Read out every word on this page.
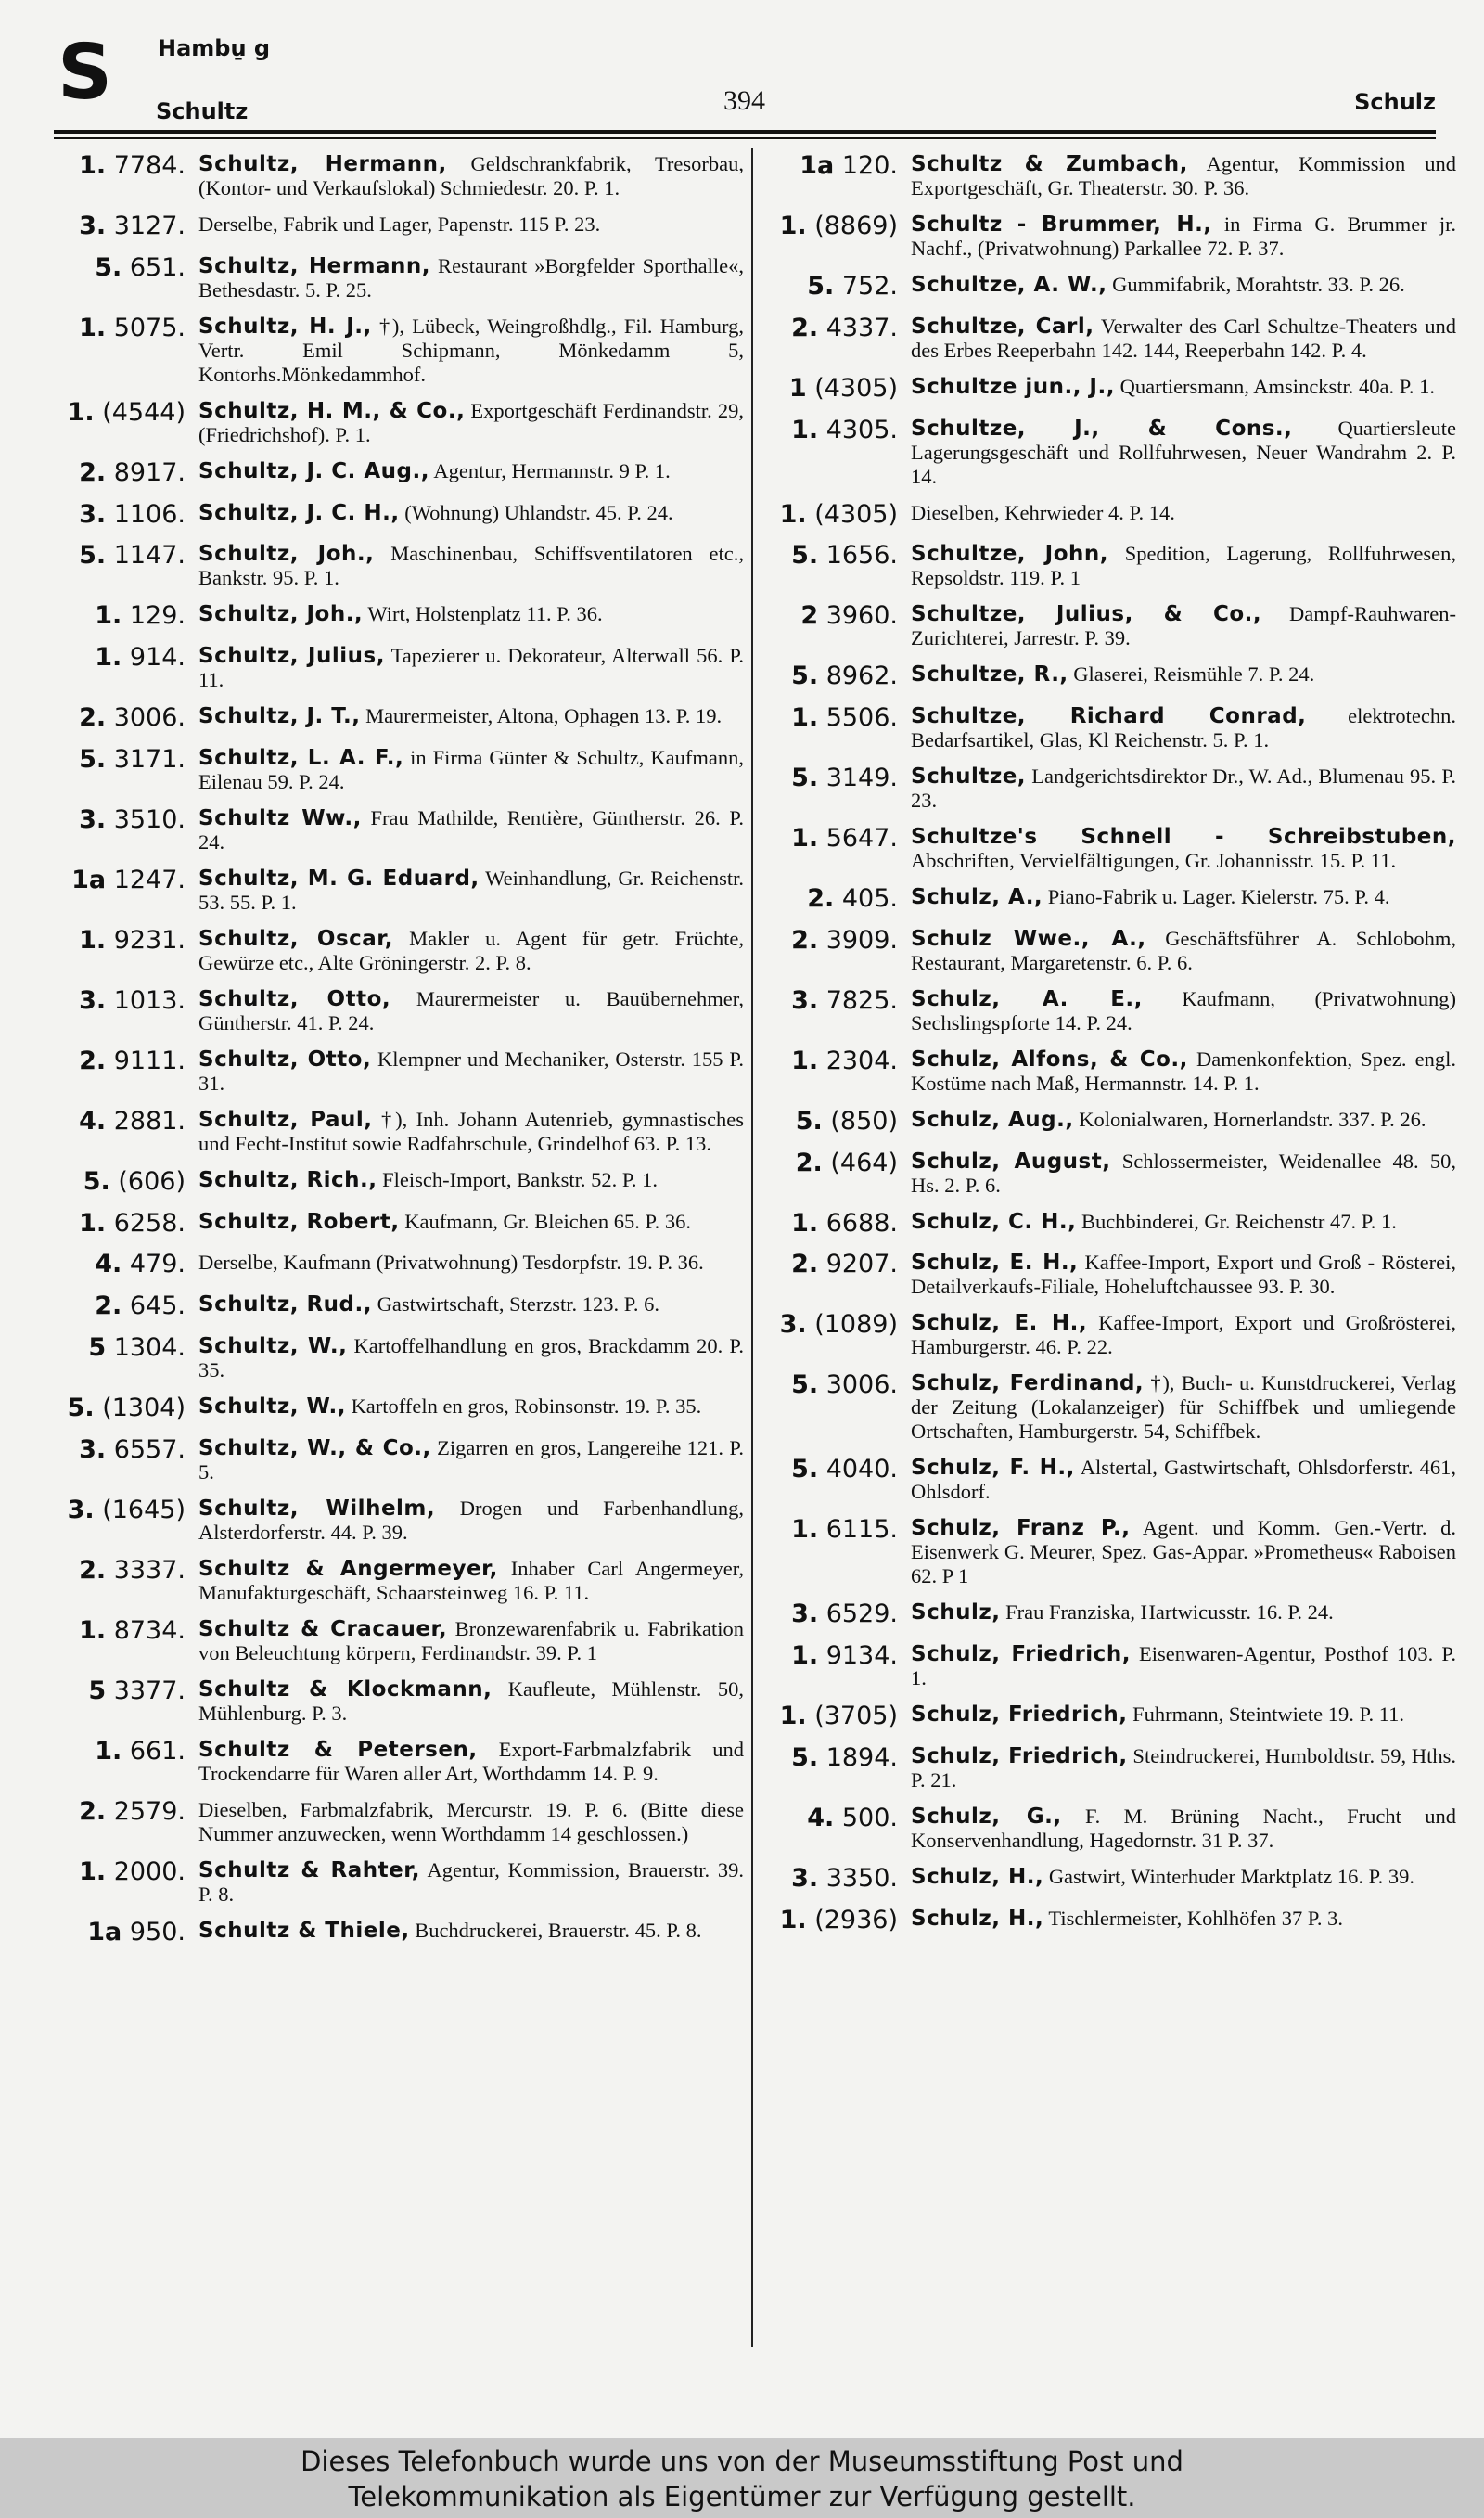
S Hambu̱ g
Schultz	394	Schulz
1. 7784. Schultz, Hermann, Geldschrankfabrik, Tresorbau, (Kontor- und Verkaufslokal) Schmiedestr. 20. P. 1.
3. 3127. Derselbe, Fabrik und Lager, Papenstr. 115 P. 23.
5. 651. Schultz, Hermann, Restaurant »Borgfelder Sporthalle«, Bethesdastr. 5. P. 25.
1. 5075. Schultz, H. J., †), Lübeck, Weingroßhdlg., Fil. Hamburg, Vertr. Emil Schipmann, Mönkedamm 5, Kontorhs.Mönkedammhof.
1. (4544) Schultz, H. M., & Co., Exportgeschäft Ferdinandstr. 29, (Friedrichshof). P. 1.
2. 8917. Schultz, J. C. Aug., Agentur, Hermannstr. 9 P. 1.
3. 1106. Schultz, J. C. H., (Wohnung) Uhlandstr. 45. P. 24.
5. 1147. Schultz, Joh., Maschinenbau, Schiffsventilatoren etc., Bankstr. 95. P. 1.
1. 129. Schultz, Joh., Wirt, Holstenplatz 11. P. 36.
1. 914. Schultz, Julius, Tapezierer u. Dekorateur, Alterwall 56. P. 11.
2. 3006. Schultz, J. T., Maurermeister, Altona, Ophagen 13. P. 19.
5. 3171. Schultz, L. A. F., in Firma Günter & Schultz, Kaufmann, Eilenau 59. P. 24.
3. 3510. Schultz Ww., Frau Mathilde, Rentière, Güntherstr. 26. P. 24.
1a 1247. Schultz, M. G. Eduard, Weinhandlung, Gr. Reichenstr. 53. 55. P. 1.
1. 9231. Schultz, Oscar, Makler u. Agent für getr. Früchte, Gewürze etc., Alte Gröningerstr. 2. P. 8.
3. 1013. Schultz, Otto, Maurermeister u. Bauübernehmer, Güntherstr. 41. P. 24.
2. 9111. Schultz, Otto, Klempner und Mechaniker, Osterstr. 155 P. 31.
4. 2881. Schultz, Paul, †), Inh. Johann Autenrieb, gymnastisches und Fecht-Institut sowie Radfahrschule, Grindelhof 63. P. 13.
5. (606) Schultz, Rich., Fleisch-Import, Bankstr. 52. P. 1.
1. 6258. Schultz, Robert, Kaufmann, Gr. Bleichen 65. P. 36.
4. 479. Derselbe, Kaufmann (Privatwohnung) Tesdorpfstr. 19. P. 36.
2. 645. Schultz, Rud., Gastwirtschaft, Sterzstr. 123. P. 6.
5 1304. Schultz, W., Kartoffelhandlung en gros, Brackdamm 20. P. 35.
5. (1304) Schultz, W., Kartoffeln en gros, Robinsonstr. 19. P. 35.
3. 6557. Schultz, W., & Co., Zigarren en gros, Langereihe 121. P. 5.
3. (1645) Schultz, Wilhelm, Drogen und Farbenhandlung, Alsterdorferstr. 44. P. 39.
2. 3337. Schultz & Angermeyer, Inhaber Carl Angermeyer, Manufakturgeschäft, Schaarsteinweg 16. P. 11.
1. 8734. Schultz & Cracauer, Bronzewarenfabrik u. Fabrikation von Beleuchtung körpern, Ferdinandstr. 39. P. 1
5 3377. Schultz & Klockmann, Kaufleute, Mühlenstr. 50, Mühlenburg. P. 3.
1. 661. Schultz & Petersen, Export-Farbmalzfabrik und Trockendarre für Waren aller Art, Worthdamm 14. P. 9.
2. 2579. Dieselben, Farbmalzfabrik, Mercurstr. 19. P. 6. (Bitte diese Nummer anzuwecken, wenn Worthdamm 14 geschlossen.)
1. 2000. Schultz & Rahter, Agentur, Kommission, Brauerstr. 39. P. 8.
1a 950. Schultz & Thiele, Buchdruckerei, Brauerstr. 45. P. 8.
1a 120. Schultz & Zumbach, Agentur, Kommission und Exportgeschäft, Gr. Theaterstr. 30. P. 36.
1. (8869) Schultz - Brummer, H., in Firma G. Brummer jr. Nachf., (Privatwohnung) Parkallee 72. P. 37.
5. 752. Schultze, A. W., Gummifabrik, Morahtstr. 33. P. 26.
2. 4337. Schultze, Carl, Verwalter des Carl Schultze-Theaters und des Erbes Reeperbahn 142. 144, Reeperbahn 142. P. 4.
1 (4305) Schultze jun., J., Quartiersmann, Amsinckstr. 40a. P. 1.
1. 4305. Schultze, J., & Cons., Quartiersleute Lagerungsgeschäft und Rollfuhrwesen, Neuer Wandrahm 2. P. 14.
1. (4305) Dieselben, Kehrwieder 4. P. 14.
5. 1656. Schultze, John, Spedition, Lagerung, Rollfuhrwesen, Repsoldstr. 119. P. 1
2 3960. Schultze, Julius, & Co., Dampf-Rauhwaren-Zurichterei, Jarrestr. P. 39.
5. 8962. Schultze, R., Glaserei, Reismühle 7. P. 24.
1. 5506. Schultze, Richard Conrad, elektrotechn. Bedarfsartikel, Glas, Kl Reichenstr. 5. P. 1.
5. 3149. Schultze, Landgerichtsdirektor Dr., W. Ad., Blumenau 95. P. 23.
1. 5647. Schultze's Schnell - Schreibstuben, Abschriften, Vervielfältigungen, Gr. Johannisstr. 15. P. 11.
2. 405. Schulz, A., Piano-Fabrik u. Lager. Kielerstr. 75. P. 4.
2. 3909. Schulz Wwe., A., Geschäftsführer A. Schlobohm, Restaurant, Margaretenstr. 6. P. 6.
3. 7825. Schulz, A. E., Kaufmann, (Privatwohnung) Sechslingspforte 14. P. 24.
1. 2304. Schulz, Alfons, & Co., Damenkonfektion, Spez. engl. Kostüme nach Maß, Hermannstr. 14. P. 1.
5. (850) Schulz, Aug., Kolonialwaren, Hornerlandstr. 337. P. 26.
2. (464) Schulz, August, Schlossermeister, Weidenallee 48. 50, Hs. 2. P. 6.
1. 6688. Schulz, C. H., Buchbinderei, Gr. Reichenstr 47. P. 1.
2. 9207. Schulz, E. H., Kaffee-Import, Export und Groß - Rösterei, Detailverkaufs-Filiale, Hoheluftchaussee 93. P. 30.
3. (1089) Schulz, E. H., Kaffee-Import, Export und Großrösterei, Hamburgerstr. 46. P. 22.
5. 3006. Schulz, Ferdinand, †), Buch- u. Kunstdruckerei, Verlag der Zeitung (Lokalanzeiger) für Schiffbek und umliegende Ortschaften, Hamburgerstr. 54, Schiffbek.
5. 4040. Schulz, F. H., Alstertal, Gastwirtschaft, Ohlsdorferstr. 461, Ohlsdorf.
1. 6115. Schulz, Franz P., Agent. und Komm. Gen.-Vertr. d. Eisenwerk G. Meurer, Spez. Gas-Appar. »Prometheus« Raboisen 62. P 1
3. 6529. Schulz, Frau Franziska, Hartwicusstr. 16. P. 24.
1. 9134. Schulz, Friedrich, Eisenwaren-Agentur, Posthof 103. P. 1.
1. (3705) Schulz, Friedrich, Fuhrmann, Steintwiete 19. P. 11.
5. 1894. Schulz, Friedrich, Steindruckerei, Humboldtstr. 59, Hths. P. 21.
4. 500. Schulz, G., F. M. Brüning Nacht., Frucht und Konservenhandlung, Hagedornstr. 31 P. 37.
3. 3350. Schulz, H., Gastwirt, Winterhuder Marktplatz 16. P. 39.
1. (2936) Schulz, H., Tischlermeister, Kohlhöfen 37 P. 3.
Dieses Telefonbuch wurde uns von der Museumsstiftung Post und
Telekommunikation als Eigentümer zur Verfügung gestellt.
